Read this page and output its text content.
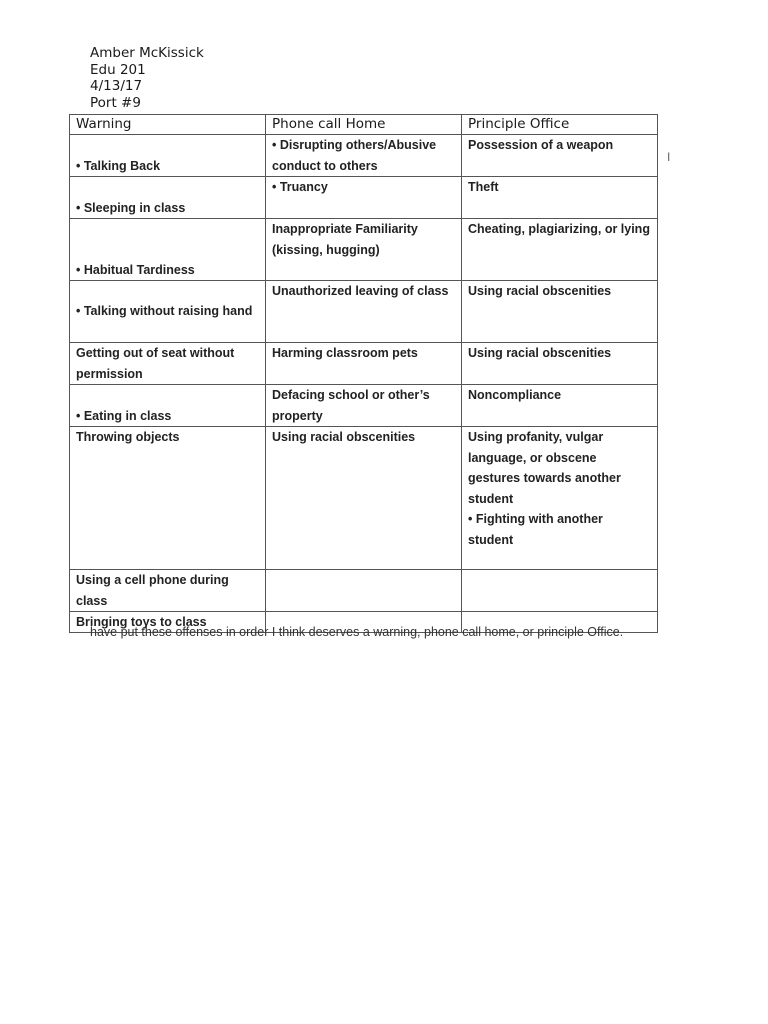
Amber McKissick
Edu 201
4/13/17
Port #9
I
Warning	Phone call Home	Principle Office

• Talking Back	• Disrupting others/Abusive conduct to others	Possession of a weapon

• Sleeping in class	• Truancy	Theft

• Habitual Tardiness	Inappropriate Familiarity (kissing, hugging)	Cheating, plagiarizing, or lying

• Talking without raising hand	Unauthorized leaving of class	Using racial obscenities

Getting out of seat without permission	Harming classroom pets	Using racial obscenities

• Eating in class	Defacing school or other’s property	Noncompliance

Throwing objects	Using racial obscenities	Using profanity, vulgar language, or obscene gestures towards another student
• Fighting with another student

Using a cell phone during class		

Bringing toys to class		

have put these offenses in order I think deserves a warning, phone call home, or principle Office.
